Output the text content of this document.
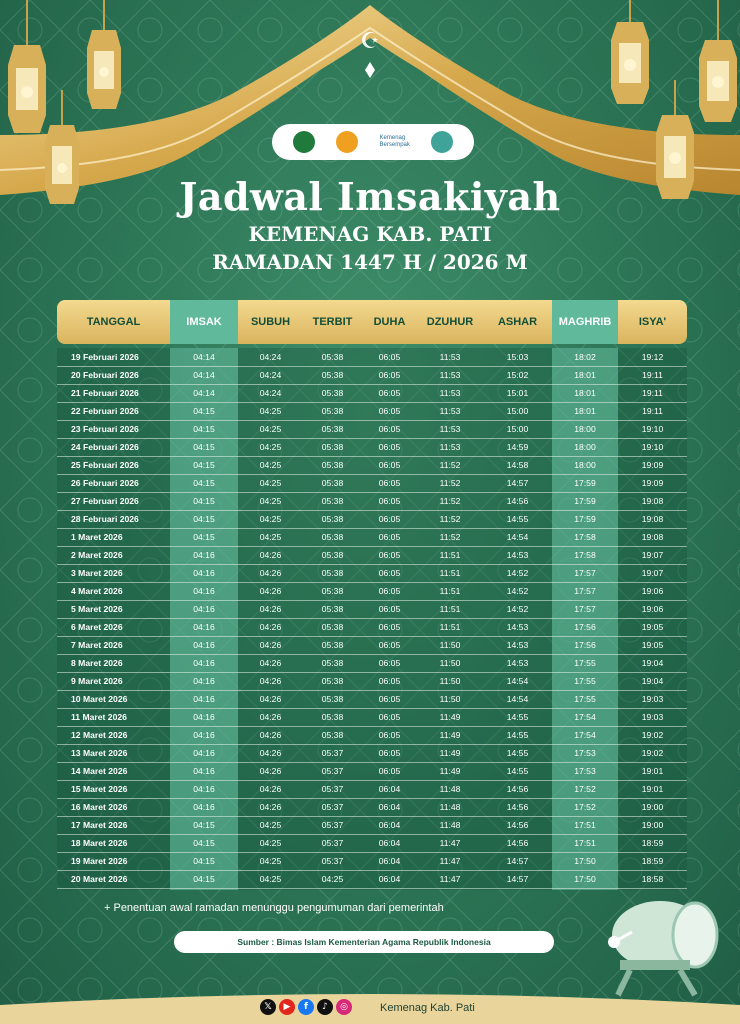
☪
Kemenag
Bersempak
Jadwal Imsakiyah
KEMENAG KAB. PATI
RAMADAN 1447 H / 2026 M
TANGGAL	IMSAK	SUBUH	TERBIT	DUHA	DZUHUR	ASHAR	MAGHRIB	ISYA'
19 Februari 2026	04:14	04:24	05:38	06:05	11:53	15:03	18:02	19:12
20 Februari 2026	04:14	04:24	05:38	06:05	11:53	15:02	18:01	19:11
21 Februari 2026	04:14	04:24	05:38	06:05	11:53	15:01	18:01	19:11
22 Februari 2026	04:15	04:25	05:38	06:05	11:53	15:00	18:01	19:11
23 Februari 2026	04:15	04:25	05:38	06:05	11:53	15:00	18:00	19:10
24 Februari 2026	04:15	04:25	05:38	06:05	11:53	14:59	18:00	19:10
25 Februari 2026	04:15	04:25	05:38	06:05	11:52	14:58	18:00	19:09
26 Februari 2026	04:15	04:25	05:38	06:05	11:52	14:57	17:59	19:09
27 Februari 2026	04:15	04:25	05:38	06:05	11:52	14:56	17:59	19:08
28 Februari 2026	04:15	04:25	05:38	06:05	11:52	14:55	17:59	19:08
1 Maret 2026	04:15	04:25	05:38	06:05	11:52	14:54	17:58	19:08
2 Maret 2026	04:16	04:26	05:38	06:05	11:51	14:53	17:58	19:07
3 Maret 2026	04:16	04:26	05:38	06:05	11:51	14:52	17:57	19:07
4 Maret 2026	04:16	04:26	05:38	06:05	11:51	14:52	17:57	19:06
5 Maret 2026	04:16	04:26	05:38	06:05	11:51	14:52	17:57	19:06
6 Maret 2026	04:16	04:26	05:38	06:05	11:51	14:53	17:56	19:05
7 Maret 2026	04:16	04:26	05:38	06:05	11:50	14:53	17:56	19:05
8 Maret 2026	04:16	04:26	05:38	06:05	11:50	14:53	17:55	19:04
9 Maret 2026	04:16	04:26	05:38	06:05	11:50	14:54	17:55	19:04
10 Maret 2026	04:16	04:26	05:38	06:05	11:50	14:54	17:55	19:03
11 Maret 2026	04:16	04:26	05:38	06:05	11:49	14:55	17:54	19:03
12 Maret 2026	04:16	04:26	05:38	06:05	11:49	14:55	17:54	19:02
13 Maret 2026	04:16	04:26	05:37	06:05	11:49	14:55	17:53	19:02
14 Maret 2026	04:16	04:26	05:37	06:05	11:49	14:55	17:53	19:01
15 Maret 2026	04:16	04:26	05:37	06:04	11:48	14:56	17:52	19:01
16 Maret 2026	04:16	04:26	05:37	06:04	11:48	14:56	17:52	19:00
17 Maret 2026	04:15	04:25	05:37	06:04	11:48	14:56	17:51	19:00
18 Maret 2026	04:15	04:25	05:37	06:04	11:47	14:56	17:51	18:59
19 Maret 2026	04:15	04:25	05:37	06:04	11:47	14:57	17:50	18:59
20 Maret 2026	04:15	04:25	04:25	06:04	11:47	14:57	17:50	18:58
+ Penentuan awal ramadan menunggu pengumuman dari pemerintah
Sumber : Bimas Islam Kementerian Agama Republik Indonesia
𝕏	▶	f	♪	◎	Kemenag Kab. Pati
